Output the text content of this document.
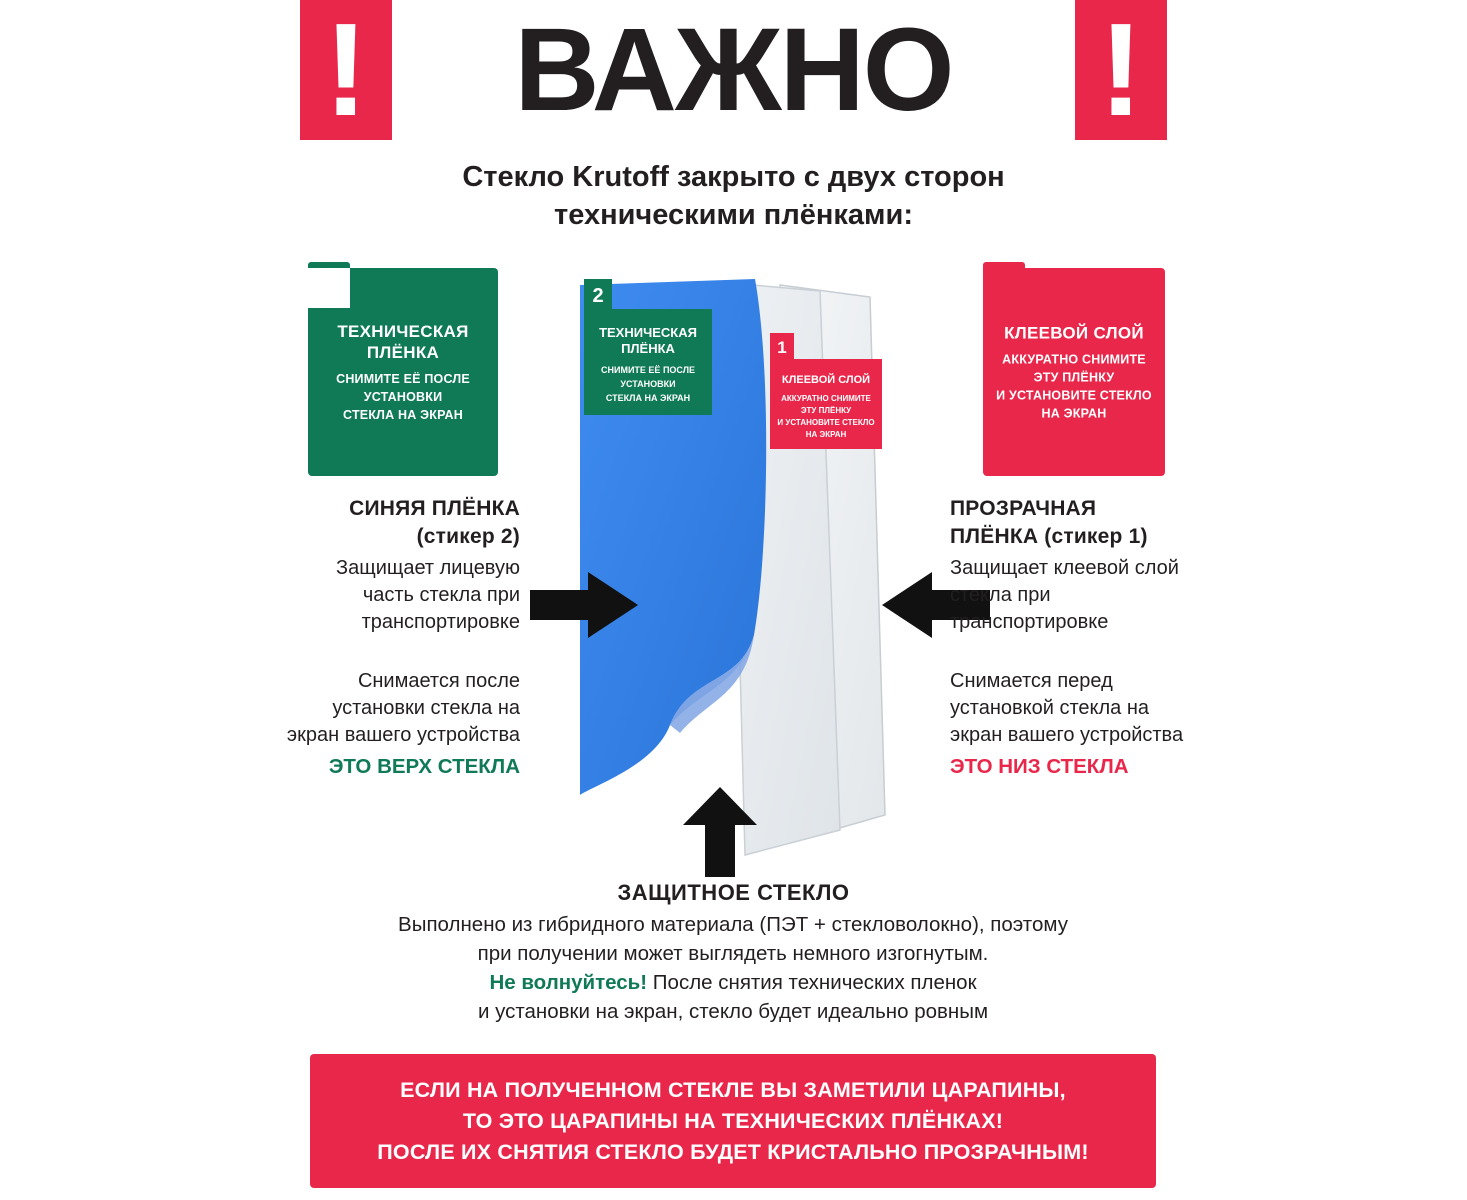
!	ВАЖНО	!
Стекло Krutoff закрыто с двух сторон
техническими плёнками:
ТЕХНИЧЕСКАЯ
ПЛЁНКА
СНИМИТЕ ЕЁ ПОСЛЕ
УСТАНОВКИ
СТЕКЛА НА ЭКРАН
КЛЕЕВОЙ СЛОЙ
АККУРАТНО СНИМИТЕ
ЭТУ ПЛЁНКУ
И УСТАНОВИТЕ СТЕКЛО
НА ЭКРАН
2
ТЕХНИЧЕСКАЯ
ПЛЁНКА
СНИМИТЕ ЕЁ ПОСЛЕ
УСТАНОВКИ
СТЕКЛА НА ЭКРАН
1
КЛЕЕВОЙ СЛОЙ
АККУРАТНО СНИМИТЕ
ЭТУ ПЛЁНКУ
И УСТАНОВИТЕ СТЕКЛО
НА ЭКРАН
СИНЯЯ ПЛЁНКА
(стикер 2)

Защищает лицевую часть стекла при транспортировке

Снимается после установки стекла на экран вашего устройства

ЭТО ВЕРХ СТЕКЛА

ПРОЗРАЧНАЯ
ПЛЁНКА (стикер 1)

Защищает клеевой слой стекла при транспортировке

Снимается перед установкой стекла на экран вашего устройства

ЭТО НИЗ СТЕКЛА

ЗАЩИТНОЕ СТЕКЛО
Выполнено из гибридного материала (ПЭТ + стекловолокно), поэтому
при получении может выглядеть немного изгогнутым.
Не волнуйтесь! После снятия технических пленок
и установки на экран, стекло будет идеально ровным
ЕСЛИ НА ПОЛУЧЕННОМ СТЕКЛЕ ВЫ ЗАМЕТИЛИ ЦАРАПИНЫ,
ТО ЭТО ЦАРАПИНЫ НА ТЕХНИЧЕСКИХ ПЛЁНКАХ!
ПОСЛЕ ИХ СНЯТИЯ СТЕКЛО БУДЕТ КРИСТАЛЬНО ПРОЗРАЧНЫМ!
